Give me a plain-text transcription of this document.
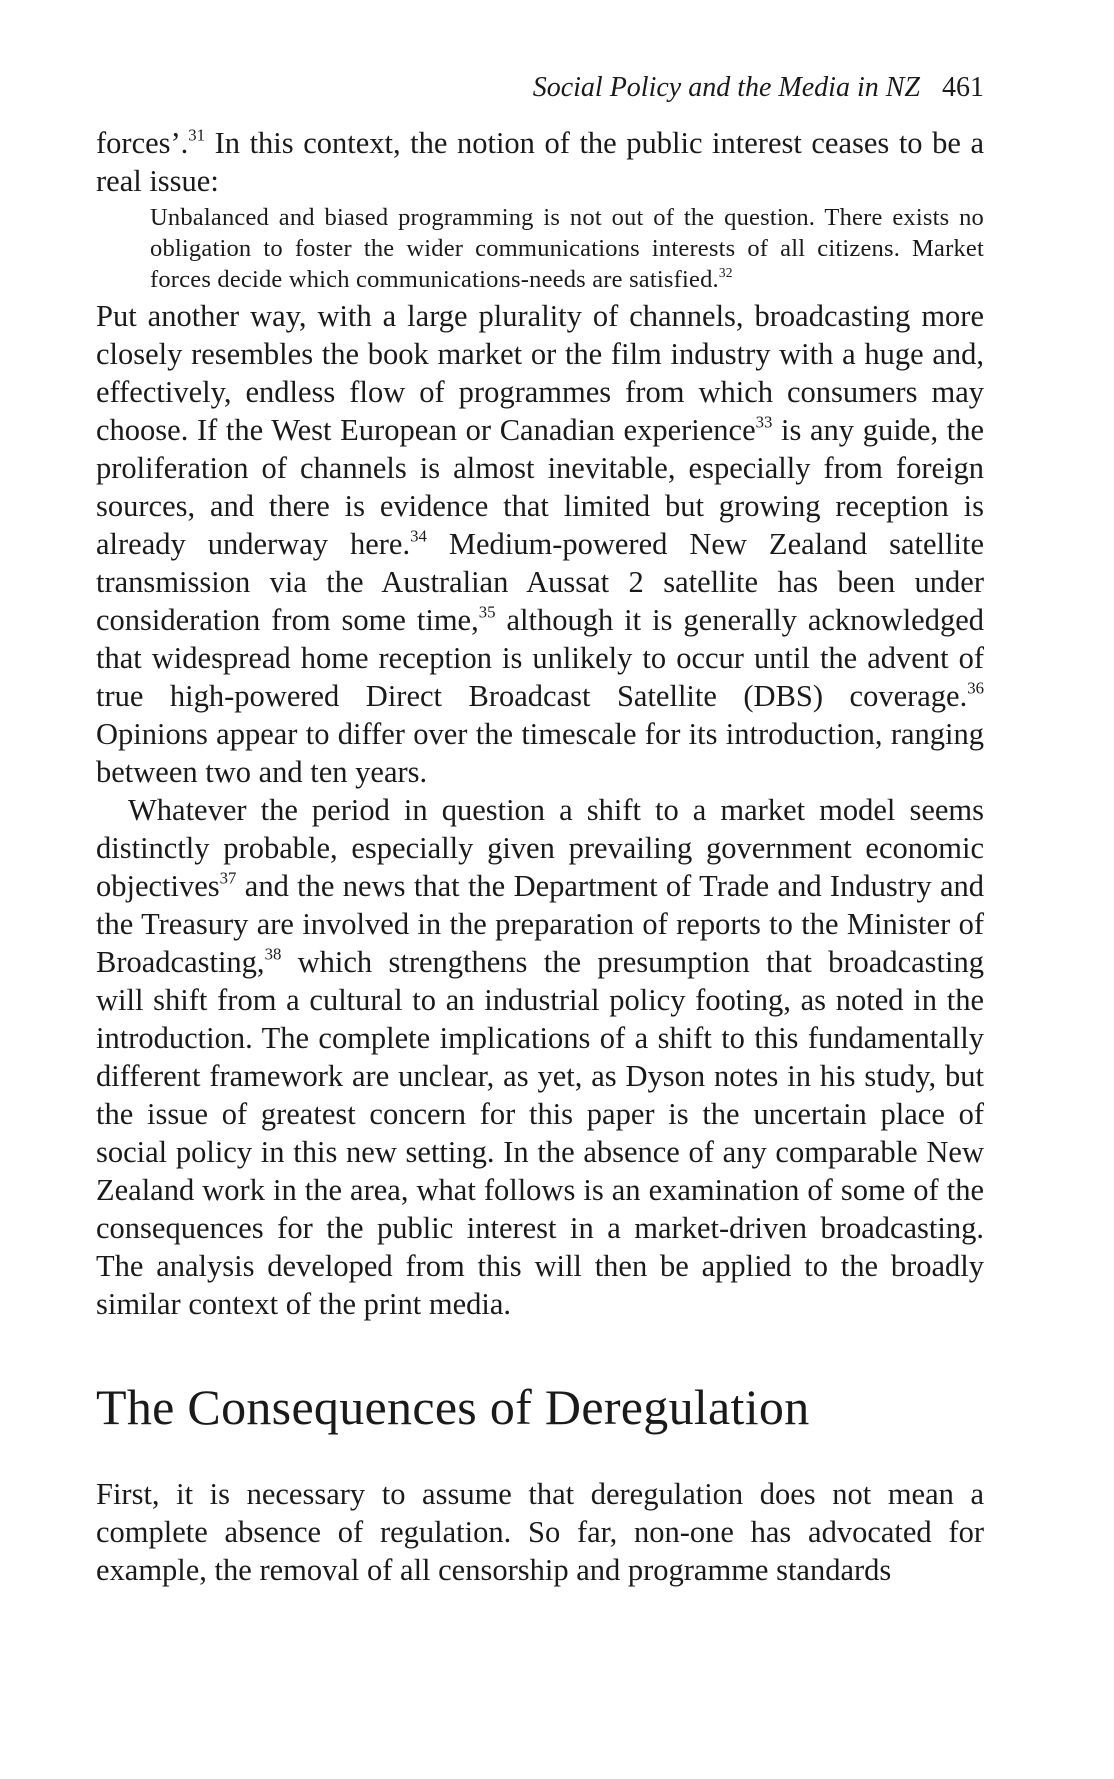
Social Policy and the Media in NZ 461

forces’.$^{31}$ In this context, the notion of the public interest ceases to be a real issue:

Unbalanced and biased programming is not out of the question. There exists no obligation to foster the wider communications interests of all citizens. Market forces decide which communications-needs are satisfied.$^{32}$

Put another way, with a large plurality of channels, broadcasting more closely resembles the book market or the film industry with a huge and, effectively, endless flow of programmes from which consumers may choose. If the West European or Canadian experience$^{33}$ is any guide, the proliferation of channels is almost inevitable, especially from foreign sources, and there is evidence that limited but growing reception is already underway here.$^{34}$ Medium-powered New Zealand satellite transmission via the Australian Aussat 2 satellite has been under consideration from some time,$^{35}$ although it is generally acknowledged that widespread home reception is unlikely to occur until the advent of true high-powered Direct Broadcast Satellite (DBS) coverage.$^{36}$ Opinions appear to differ over the timescale for its introduction, ranging between two and ten years.

Whatever the period in question a shift to a market model seems distinctly probable, especially given prevailing government economic objectives$^{37}$ and the news that the Department of Trade and Industry and the Treasury are involved in the preparation of reports to the Minister of Broadcasting,$^{38}$ which strengthens the presumption that broadcasting will shift from a cultural to an industrial policy footing, as noted in the introduction. The complete implications of a shift to this fundamentally different framework are unclear, as yet, as Dyson notes in his study, but the issue of greatest concern for this paper is the uncertain place of social policy in this new setting. In the absence of any comparable New Zealand work in the area, what follows is an examination of some of the consequences for the public interest in a market-driven broadcasting. The analysis developed from this will then be applied to the broadly similar context of the print media.

The Consequences of Deregulation

First, it is necessary to assume that deregulation does not mean a complete absence of regulation. So far, non-one has advocated for example, the removal of all censorship and programme standards
